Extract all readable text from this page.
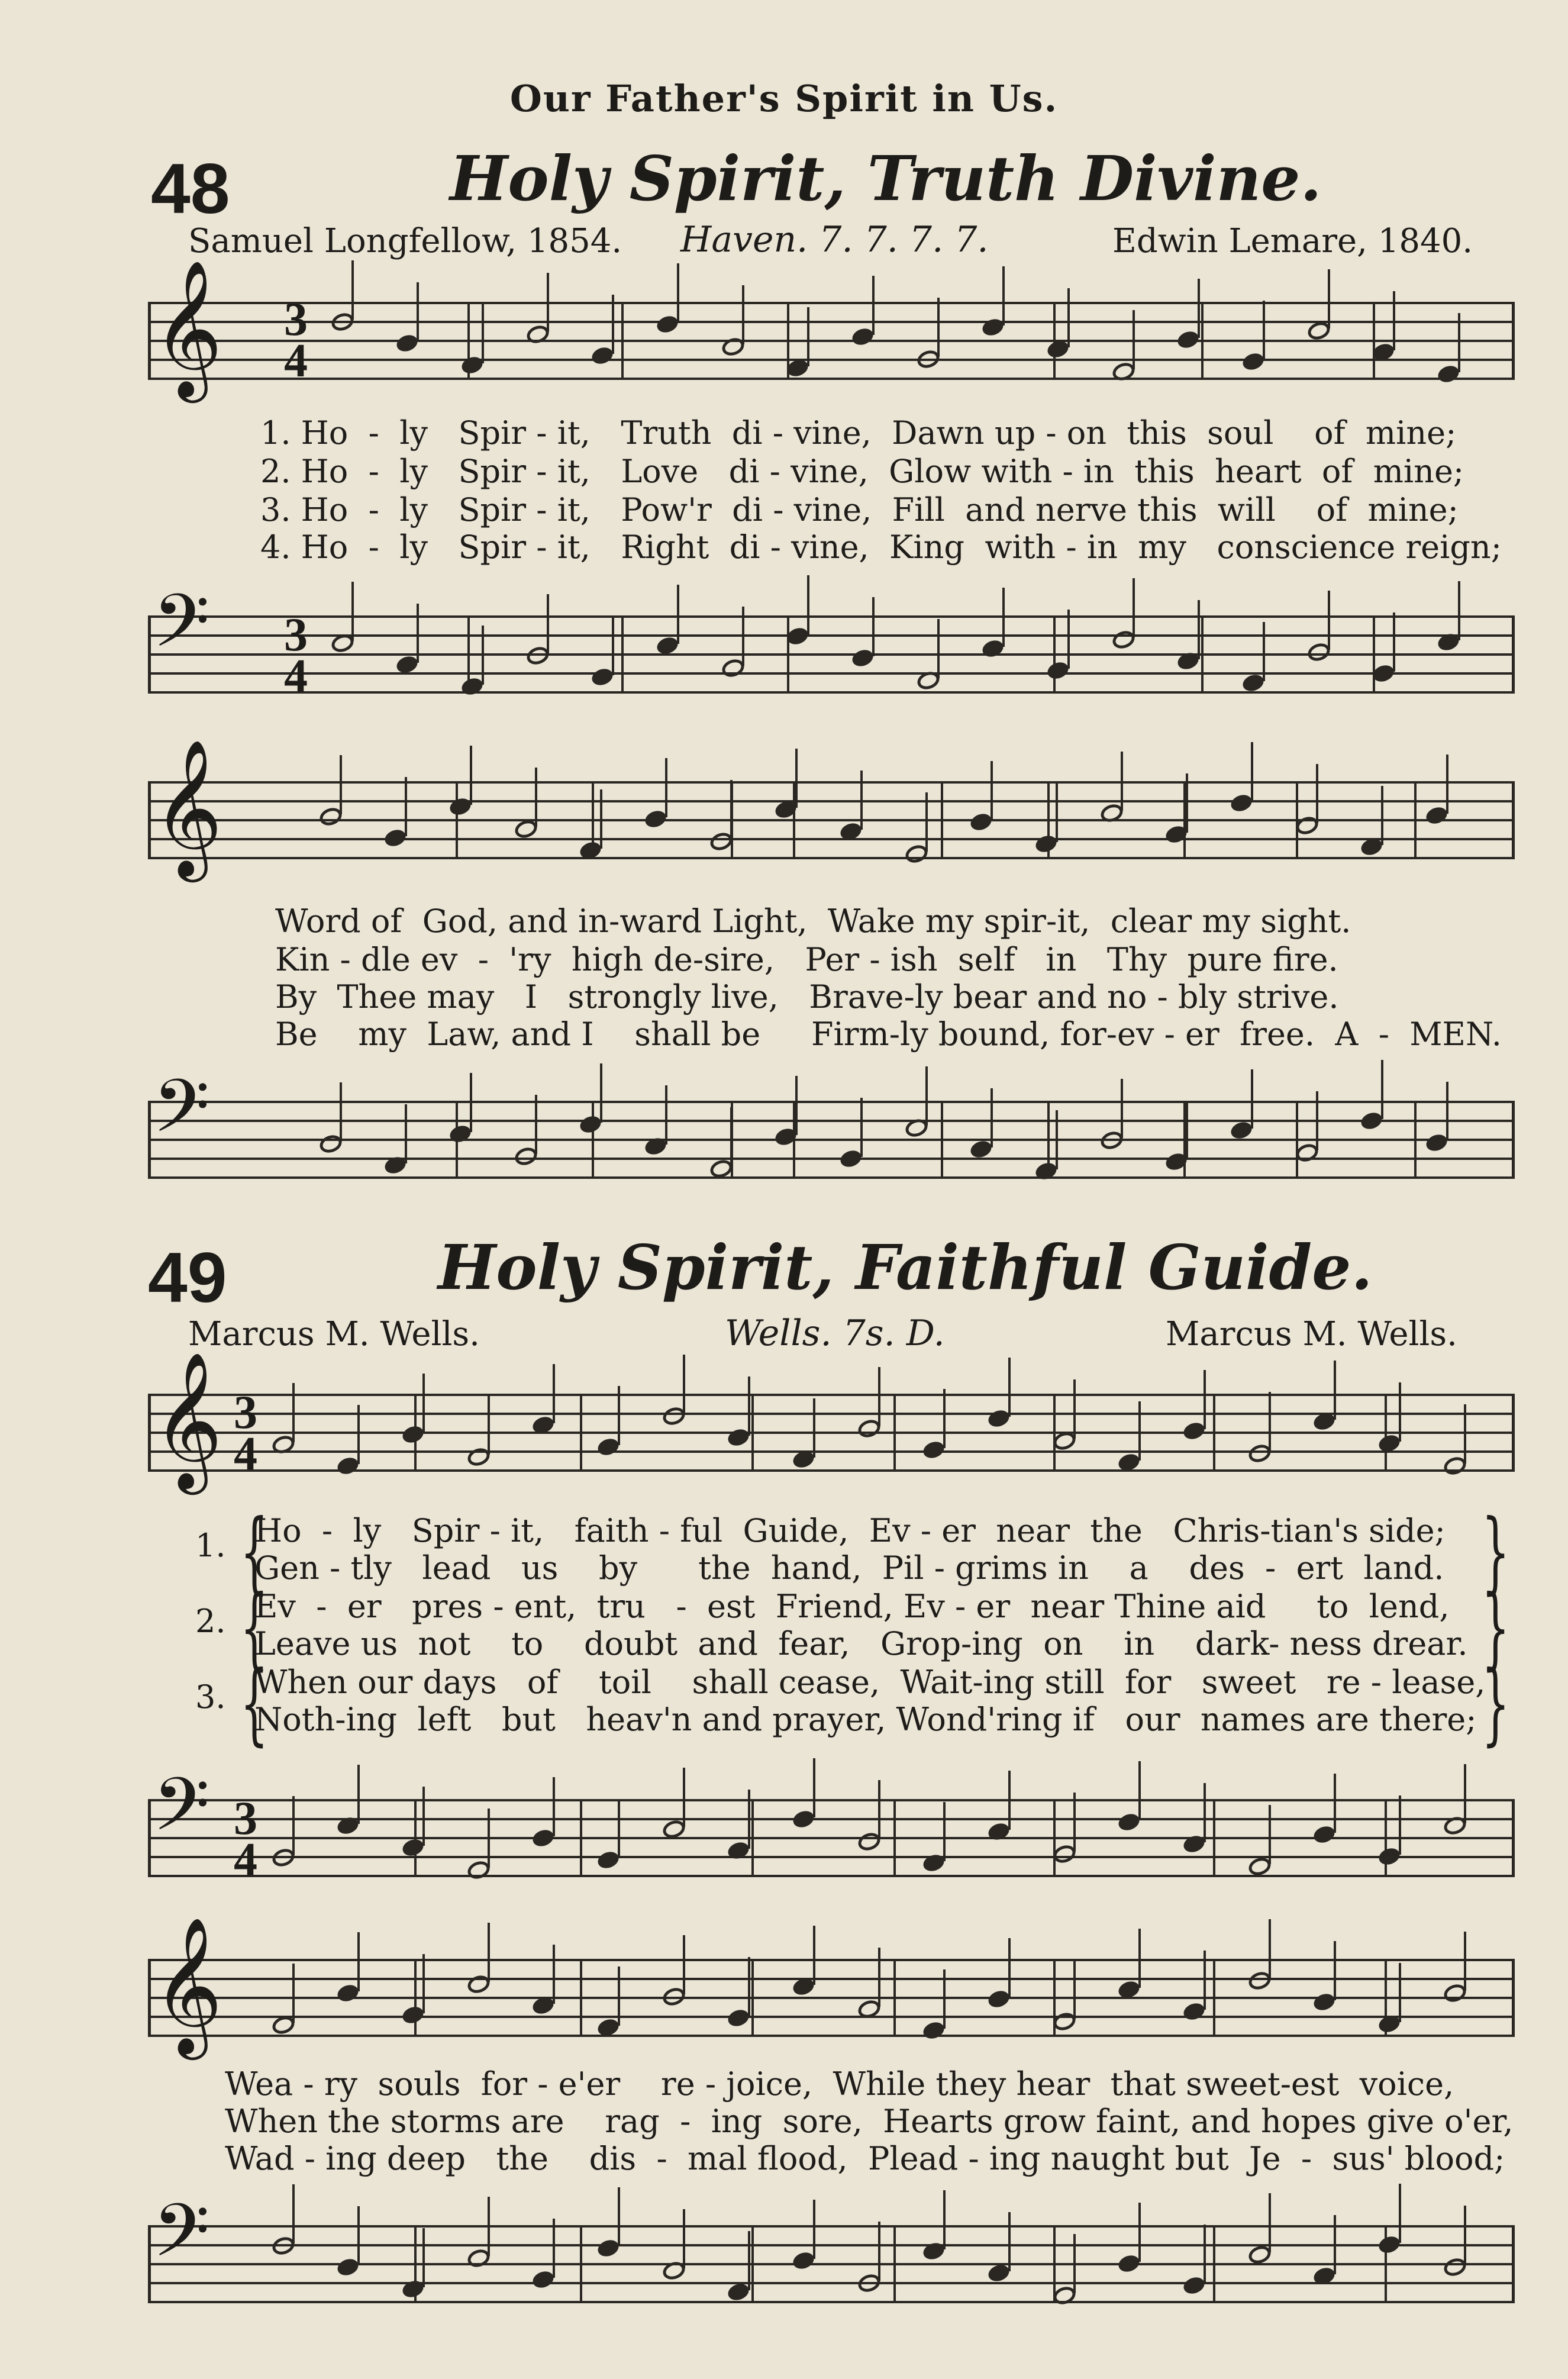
Our Father's Spirit in Us.
48	Holy Spirit, Truth Divine.
Samuel Longfellow, 1854. Haven. 7. 7. 7. 7.	Edwin Lemare, 1840.
𝄞 3
4
1. Ho  -  ly   Spir - it,   Truth  di - vine,  Dawn up - on  this  soul    of  mine;
2. Ho  -  ly   Spir - it,   Love   di - vine,  Glow with - in  this  heart  of  mine;
3. Ho  -  ly   Spir - it,   Pow'r  di - vine,  Fill  and nerve this  will    of  mine;
4. Ho  -  ly   Spir - it,   Right  di - vine,  King  with - in  my   conscience reign;
𝄢 3
4
𝄞
Word of  God, and in-ward Light,  Wake my spir-it,  clear my sight.
Kin - dle ev  -  'ry  high de-sire,   Per - ish  self   in   Thy  pure fire.
By  Thee may   I   strongly live,   Brave-ly bear and no - bly strive.
Be    my  Law, and I    shall be     Firm-ly bound, for-ev - er  free.  A  -  MEN.
𝄢
49	Holy Spirit, Faithful Guide.
Marcus M. Wells.	Wells. 7s. D.	Marcus M. Wells.
𝄞 3
4
1. {
Ho  -  ly   Spir - it,   faith - ful  Guide,  Ev - er  near  the   Chris-tian's side;
Gen - tly   lead   us    by      the  hand,  Pil - grims in    a    des  -  ert  land. }
2. {
Ev  -  er   pres - ent,  tru   -  est  Friend, Ev - er  near Thine aid     to  lend,
Leave us  not    to    doubt  and  fear,   Grop-ing  on    in    dark- ness drear. }
3. {
When our days   of    toil    shall cease,  Wait-ing still  for   sweet   re - lease,
Noth-ing  left   but   heav'n and prayer, Wond'ring if   our  names are there; }
𝄢 3
4
𝄞
Wea - ry  souls  for - e'er    re - joice,  While they hear  that sweet-est  voice,
When the storms are    rag  -  ing  sore,  Hearts grow faint, and hopes give o'er,
Wad - ing deep   the    dis  -  mal flood,  Plead - ing naught but  Je  -  sus' blood;
𝄢
